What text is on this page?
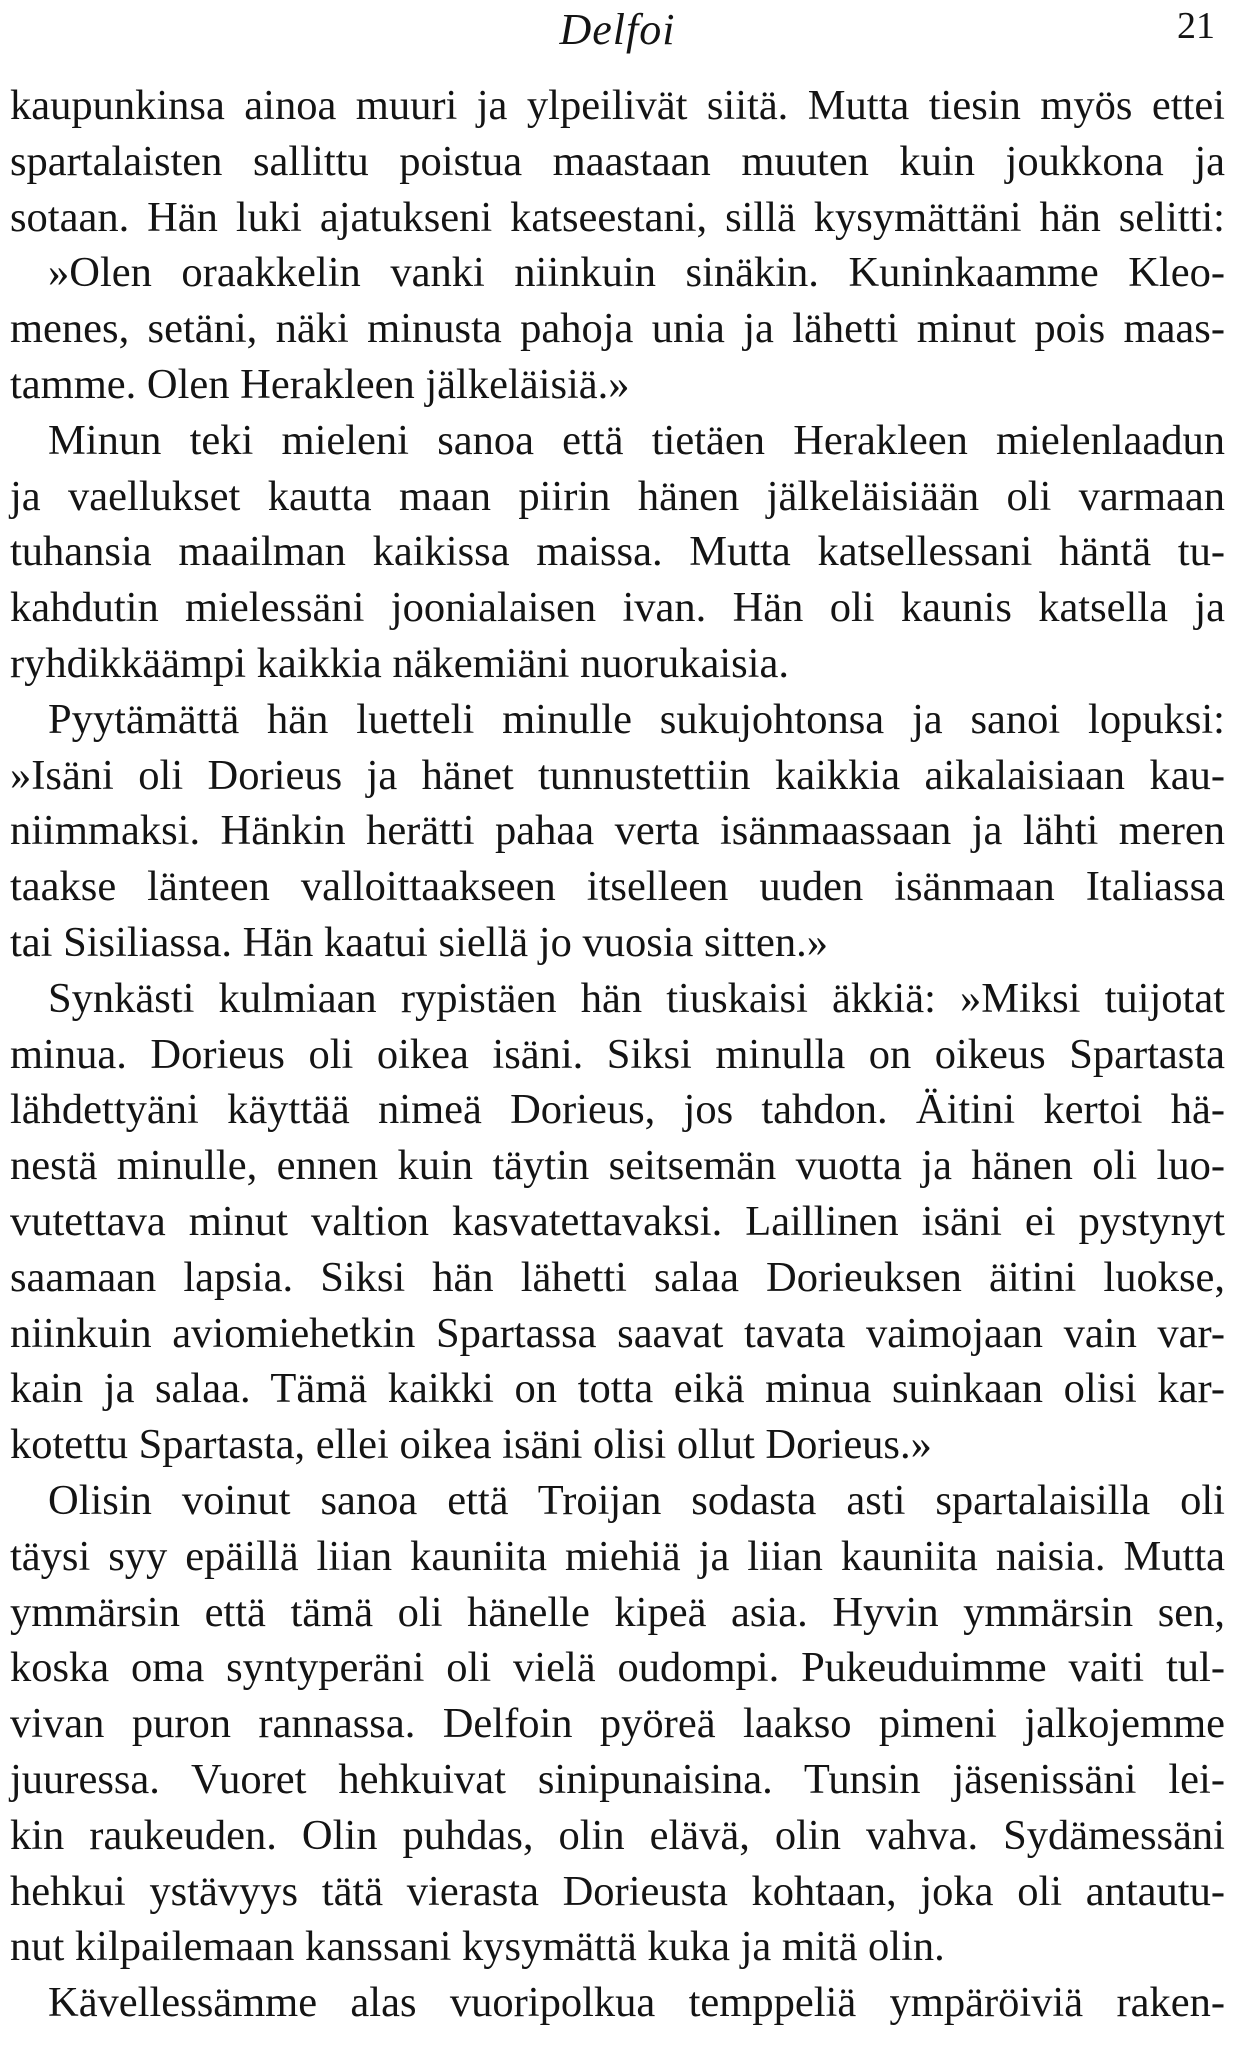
Delfoi	21
kaupunkinsa ainoa muuri ja ylpeilivät siitä. Mutta tiesin myös ettei
spartalaisten sallittu poistua maastaan muuten kuin joukkona ja
sotaan. Hän luki ajatukseni katseestani, sillä kysymättäni hän selitti:
»Olen oraakkelin vanki niinkuin sinäkin. Kuninkaamme Kleo-
menes, setäni, näki minusta pahoja unia ja lähetti minut pois maas-
tamme. Olen Herakleen jälkeläisiä.»
Minun teki mieleni sanoa että tietäen Herakleen mielenlaadun
ja vaellukset kautta maan piirin hänen jälkeläisiään oli varmaan
tuhansia maailman kaikissa maissa. Mutta katsellessani häntä tu-
kahdutin mielessäni joonialaisen ivan. Hän oli kaunis katsella ja
ryhdikkäämpi kaikkia näkemiäni nuorukaisia.
Pyytämättä hän luetteli minulle sukujohtonsa ja sanoi lopuksi:
»Isäni oli Dorieus ja hänet tunnustettiin kaikkia aikalaisiaan kau-
niimmaksi. Hänkin herätti pahaa verta isänmaassaan ja lähti meren
taakse länteen valloittaakseen itselleen uuden isänmaan Italiassa
tai Sisiliassa. Hän kaatui siellä jo vuosia sitten.»
Synkästi kulmiaan rypistäen hän tiuskaisi äkkiä: »Miksi tuijotat
minua. Dorieus oli oikea isäni. Siksi minulla on oikeus Spartasta
lähdettyäni käyttää nimeä Dorieus, jos tahdon. Äitini kertoi hä-
nestä minulle, ennen kuin täytin seitsemän vuotta ja hänen oli luo-
vutettava minut valtion kasvatettavaksi. Laillinen isäni ei pystynyt
saamaan lapsia. Siksi hän lähetti salaa Dorieuksen äitini luokse,
niinkuin aviomiehetkin Spartassa saavat tavata vaimojaan vain var-
kain ja salaa. Tämä kaikki on totta eikä minua suinkaan olisi kar-
kotettu Spartasta, ellei oikea isäni olisi ollut Dorieus.»
Olisin voinut sanoa että Troijan sodasta asti spartalaisilla oli
täysi syy epäillä liian kauniita miehiä ja liian kauniita naisia. Mutta
ymmärsin että tämä oli hänelle kipeä asia. Hyvin ymmärsin sen,
koska oma syntyperäni oli vielä oudompi. Pukeuduimme vaiti tul-
vivan puron rannassa. Delfoin pyöreä laakso pimeni jalkojemme
juuressa. Vuoret hehkuivat sinipunaisina. Tunsin jäsenissäni lei-
kin raukeuden. Olin puhdas, olin elävä, olin vahva. Sydämessäni
hehkui ystävyys tätä vierasta Dorieusta kohtaan, joka oli antautu-
nut kilpailemaan kanssani kysymättä kuka ja mitä olin.
Kävellessämme alas vuoripolkua temppeliä ympäröiviä raken-
